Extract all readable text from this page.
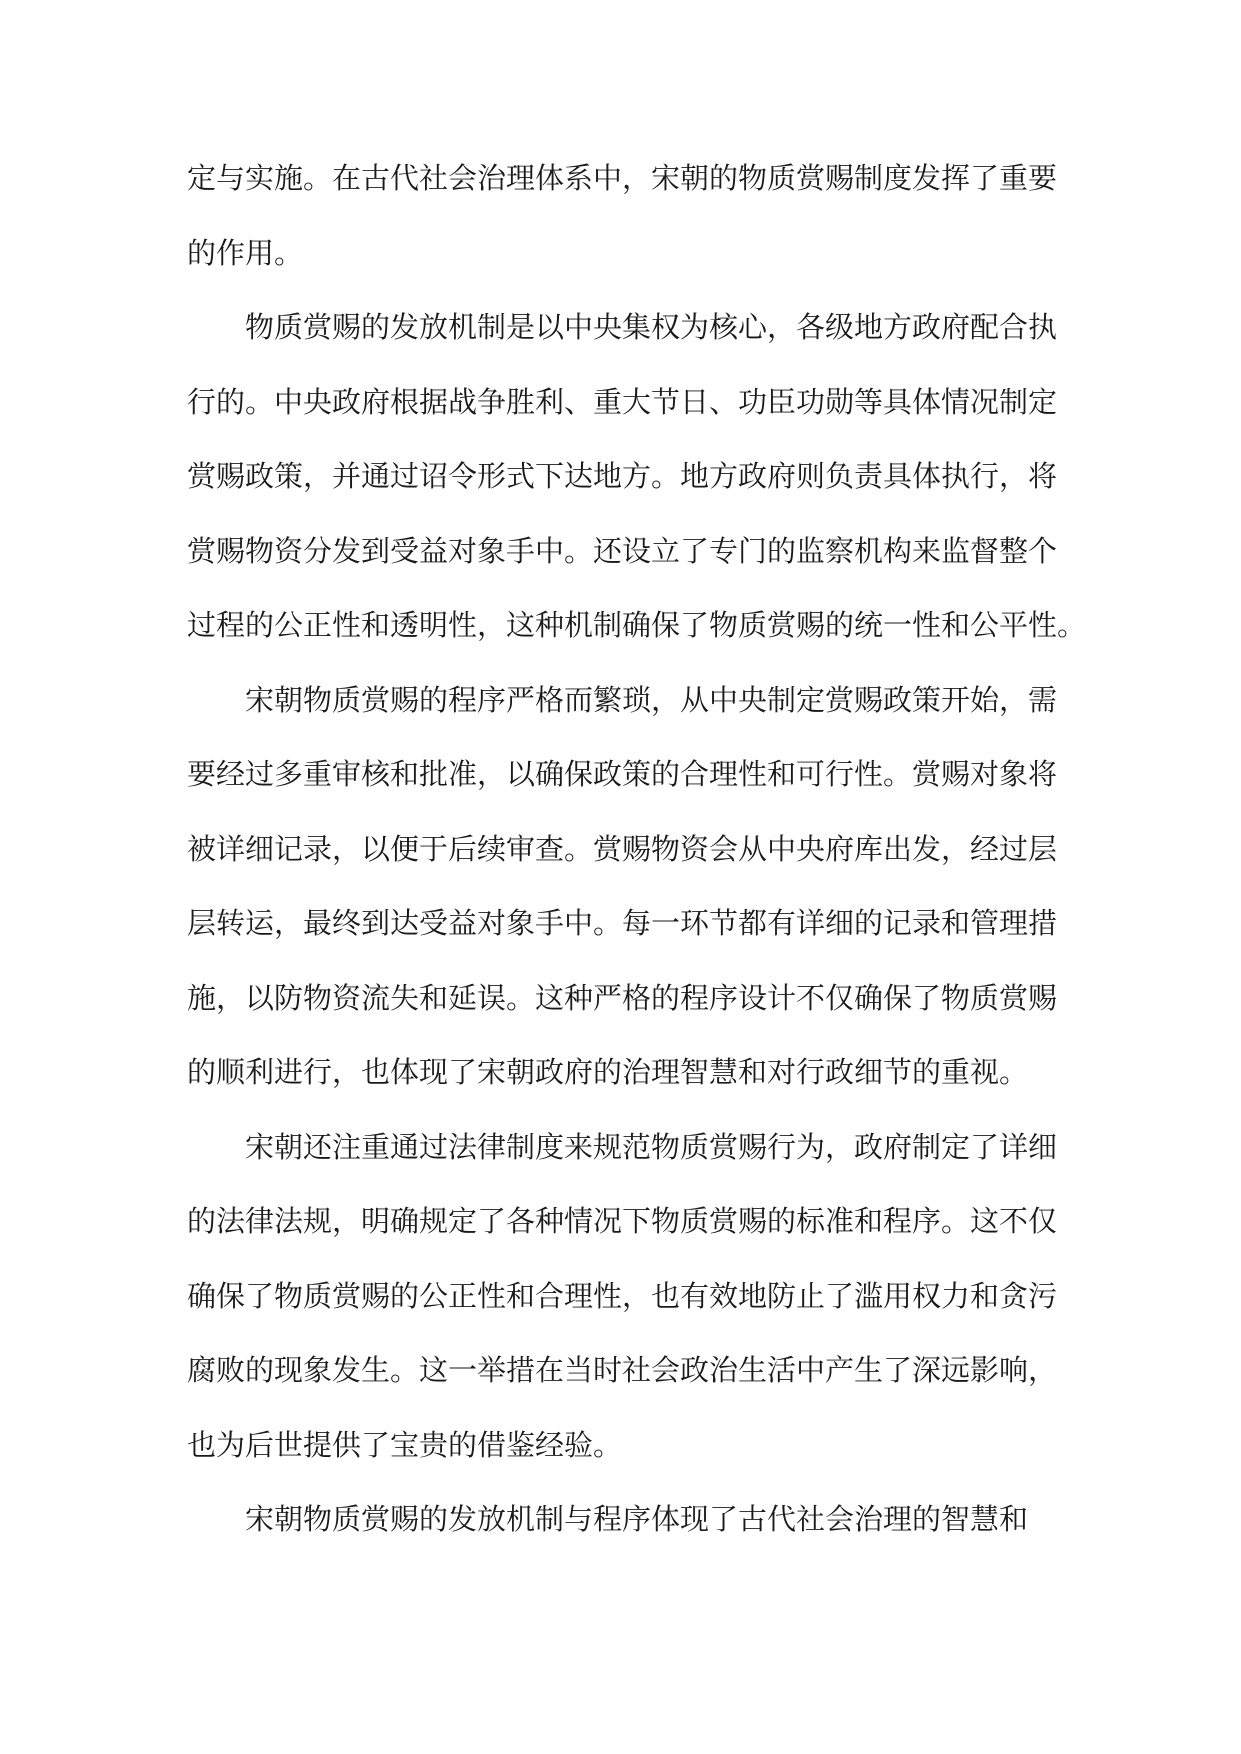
定与实施。在古代社会治理体系中，宋朝的物质赏赐制度发挥了重要
的作用。
物质赏赐的发放机制是以中央集权为核心，各级地方政府配合执
行的。中央政府根据战争胜利、重大节日、功臣功勋等具体情况制定
赏赐政策，并通过诏令形式下达地方。地方政府则负责具体执行，将
赏赐物资分发到受益对象手中。还设立了专门的监察机构来监督整个
过程的公正性和透明性，这种机制确保了物质赏赐的统一性和公平性。
宋朝物质赏赐的程序严格而繁琐，从中央制定赏赐政策开始，需
要经过多重审核和批准，以确保政策的合理性和可行性。赏赐对象将
被详细记录，以便于后续审查。赏赐物资会从中央府库出发，经过层
层转运，最终到达受益对象手中。每一环节都有详细的记录和管理措
施，以防物资流失和延误。这种严格的程序设计不仅确保了物质赏赐
的顺利进行，也体现了宋朝政府的治理智慧和对行政细节的重视。
宋朝还注重通过法律制度来规范物质赏赐行为，政府制定了详细
的法律法规，明确规定了各种情况下物质赏赐的标准和程序。这不仅
确保了物质赏赐的公正性和合理性，也有效地防止了滥用权力和贪污
腐败的现象发生。这一举措在当时社会政治生活中产生了深远影响，
也为后世提供了宝贵的借鉴经验。
宋朝物质赏赐的发放机制与程序体现了古代社会治理的智慧和
